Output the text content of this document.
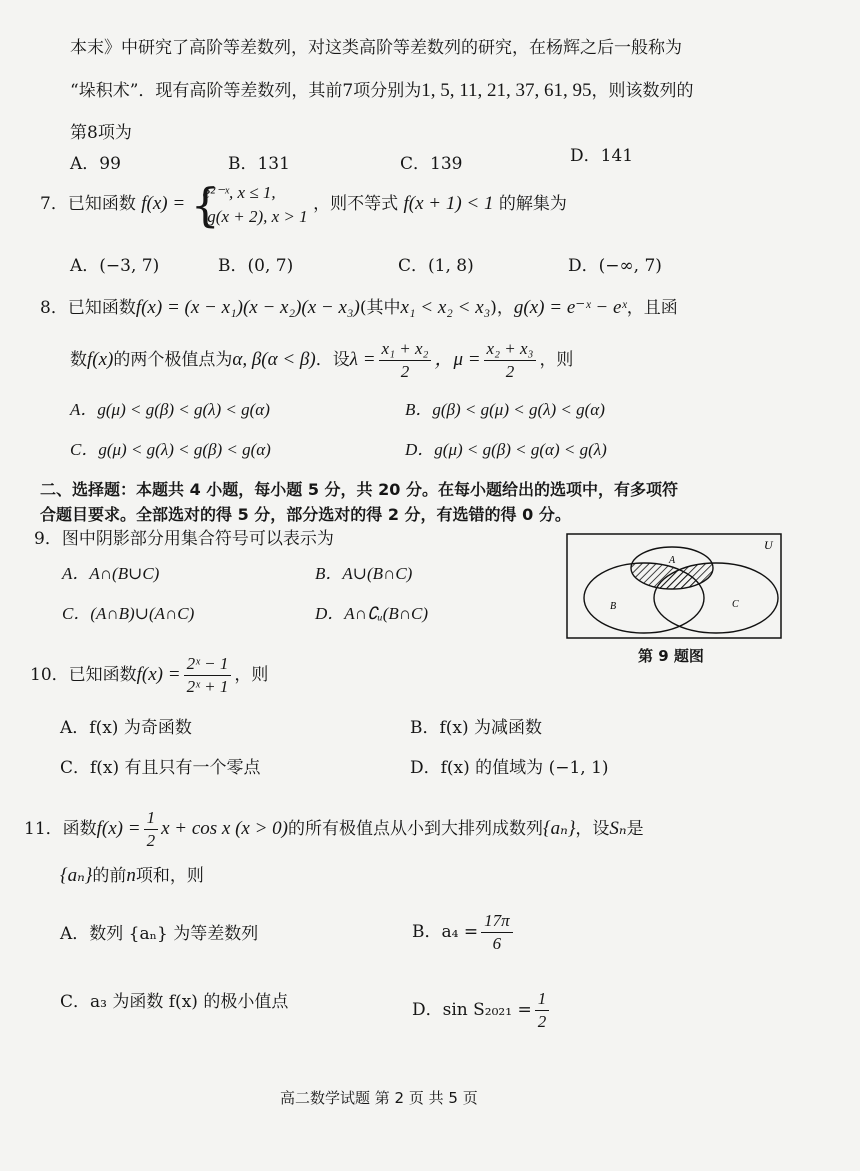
本末》中研究了高阶等差数列，对这类高阶等差数列的研究，在杨辉之后一般称为
“垛积术”．现有高阶等差数列，其前7项分别为1, 5, 11, 21, 37, 61, 95，则该数列的
第8项为
A．99	B．131	C．139	D．141
7．已知函数 f(x) = {
e²⁻ˣ, x ≤ 1,
lg(x + 2), x > 1
，则不等式 f(x + 1) < 1 的解集为
A．(−3, 7)	B．(0, 7)	C．(1, 8)	D．(−∞, 7)
8．已知函数f(x) = (x − x₁)(x − x₂)(x − x₃)(其中x₁ < x₂ < x₃)，g(x) = e⁻ˣ − eˣ，且函
数f(x)的两个极值点为α, β(α < β)．设$\lambda = \frac{\text{x₁ + x₂}}{2}$ ，$\mu = \frac{\text{x₂ + x₃}}{2}$ ，则
A．g(μ) < g(β) < g(λ) < g(α)	B．g(β) < g(μ) < g(λ) < g(α)
C．g(μ) < g(λ) < g(β) < g(α)	D．g(μ) < g(β) < g(α) < g(λ)
二、选择题：本题共 4 小题，每小题 5 分，共 20 分。在每小题给出的选项中，有多项符
合题目要求。全部选对的得 5 分，部分选对的得 2 分，有选错的得 0 分。
9．图中阴影部分用集合符号可以表示为
A．A∩(B∪C)	B．A∪(B∩C)
C．(A∩B)∪(A∩C)	D．A∩∁ᵤ(B∩C)
U
A
B	C
第 9 题图
10．已知函数$f(x) = \frac{\text{2ˣ − 1}}{\text{2ˣ + 1}}$ ，则
A．f(x) 为奇函数	B．f(x) 为减函数
C．f(x) 有且只有一个零点	D．f(x) 的值域为 (−1, 1)
11．函数$f(x) = \frac{1}{2}$ x + cos x (x > 0)的所有极值点从小到大排列成数列{aₙ}，设Sₙ是
{aₙ}的前n项和，则
A．数列 {aₙ} 为等差数列	B．$a_4 = \frac{17\pi}{6}$
C．a₃ 为函数 f(x) 的极小值点	D．$\sin S_{2021} = \frac{1}{2}$
高二数学试题 第 2 页 共 5 页
